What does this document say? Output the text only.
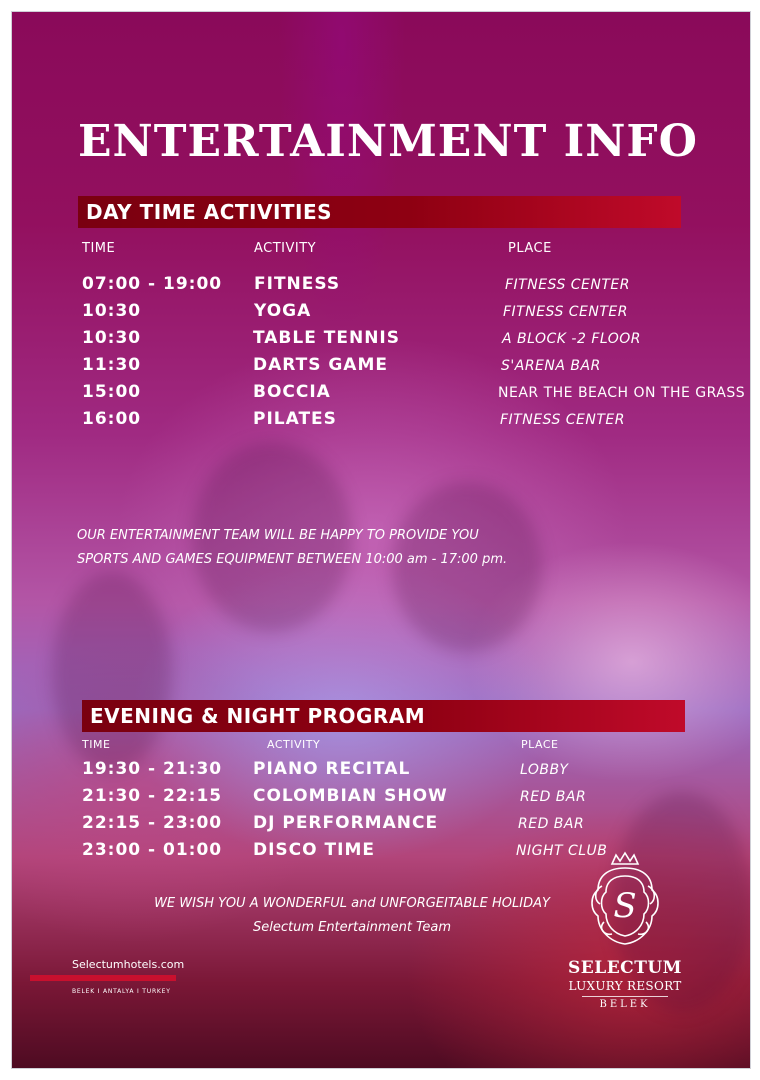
ENTERTAINMENT INFO
DAY TIME ACTIVITIES
TIME	ACTIVITY	PLACE
07:00 - 19:00 FITNESS	FITNESS CENTER
10:30	YOGA	FITNESS CENTER
10:30	TABLE TENNIS	A BLOCK -2 FLOOR
11:30	DARTS GAME	S'ARENA BAR
15:00	BOCCIA	NEAR THE BEACH ON THE GRASS
16:00	PILATES	FITNESS CENTER
OUR ENTERTAINMENT TEAM WILL BE HAPPY TO PROVIDE YOU
SPORTS AND GAMES EQUIPMENT BETWEEN 10:00 am - 17:00 pm.
EVENING & NIGHT PROGRAM
TIME	ACTIVITY	PLACE
19:30 - 21:30 PIANO RECITAL	LOBBY
21:30 - 22:15 COLOMBIAN SHOW	RED BAR
22:15 - 23:00 DJ PERFORMANCE	RED BAR
23:00 - 01:00 DISCO TIME	NIGHT CLUB
WE WISH YOU A WONDERFUL and UNFORGEITABLE HOLIDAY
Selectum Entertainment Team
Selectumhotels.com
BELEK I ANTALYA I TURKEY
S
SELECTUM
LUXURY RESORT
BELEK
